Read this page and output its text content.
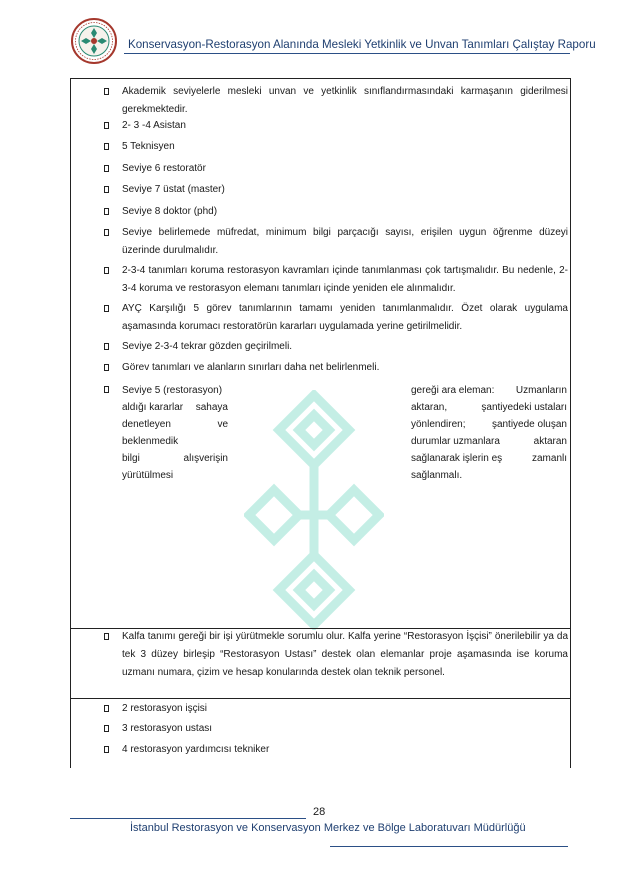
Konservasyon-Restorasyon Alanında Mesleki Yetkinlik ve Unvan Tanımları Çalıştay Raporu
Akademik seviyelerle mesleki unvan ve yetkinlik sınıflandırmasındaki karmaşanın giderilmesi gerekmektedir.
2- 3 -4 Asistan
5 Teknisyen
Seviye 6 restoratör
Seviye 7 üstat (master)
Seviye 8 doktor (phd)
Seviye belirlemede müfredat, minimum bilgi parçacığı sayısı, erişilen uygun öğrenme düzeyi üzerinde durulmalıdır.
2-3-4 tanımları koruma restorasyon kavramları içinde tanımlanması çok tartışmalıdır. Bu nedenle, 2-3-4 koruma ve restorasyon elemanı tanımları içinde yeniden ele alınmalıdır.
AYÇ Karşılığı 5 görev tanımlarının tamamı yeniden tanımlanmalıdır. Özet olarak uygulama aşamasında korumacı restoratörün kararları uygulamada yerine getirilmelidir.
Seviye 2-3-4 tekrar gözden geçirilmeli.
Görev tanımları ve alanların sınırları daha net belirlenmeli.
Seviye 5 (restorasyon)
aldığı kararlar sahaya
denetleyen	ve
beklenmedik
bilgi	alışverişin
yürütülmesi
gereği ara eleman: Uzmanların
aktaran,	şantiyedeki ustaları
yönlendiren;	şantiyede oluşan
durumlar uzmanlara	aktaran
sağlanarak işlerin eş	zamanlı
sağlanmalı.
Kalfa tanımı gereği bir işi yürütmekle sorumlu olur. Kalfa yerine “Restorasyon İşçisi” önerilebilir ya da tek 3 düzey birleşip “Restorasyon Ustası” destek olan elemanlar proje aşamasında ise koruma uzmanı numara, çizim ve hesap konularında destek olan teknik personel.
2 restorasyon işçisi
3 restorasyon ustası
4 restorasyon yardımcısı tekniker
28
İstanbul Restorasyon ve Konservasyon Merkez ve Bölge Laboratuvarı Müdürlüğü
